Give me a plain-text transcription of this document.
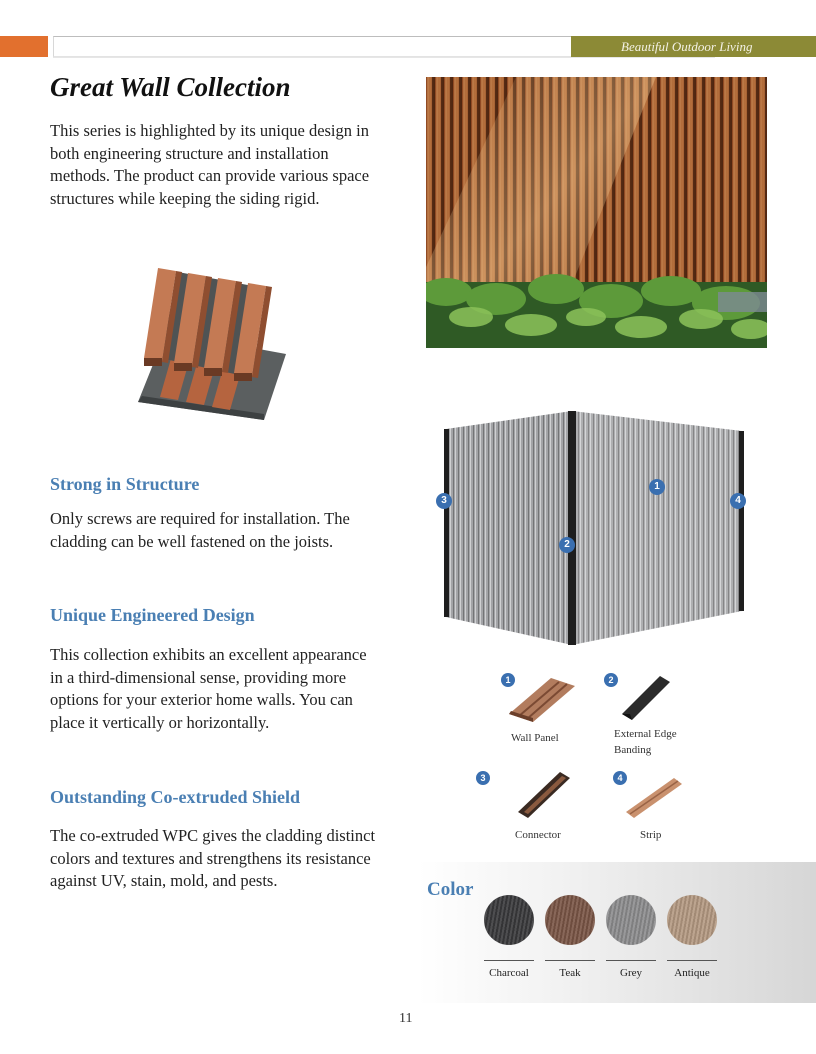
Beautiful Outdoor Living
Great Wall Collection

This series is highlighted by its unique design in both engineering structure and installation methods. The product can provide various space structures while keeping the siding rigid.

1
2
3	4
1
Wall Panel
2
External Edge
Banding
3
Connector
4
Strip
Strong in Structure

Only screws are required for installation. The cladding can be well fastened on the joists.

Unique Engineered Design

This collection exhibits an excellent appearance in a third-dimensional sense, providing more options for your exterior home walls. You can place it vertically or horizontally.

Outstanding Co-extruded Shield

The co-extruded WPC gives the cladding distinct colors and textures and strengthens its resistance against UV, stain, mold, and pests.	Color
Charcoal	Teak	Grey	Antique
11
